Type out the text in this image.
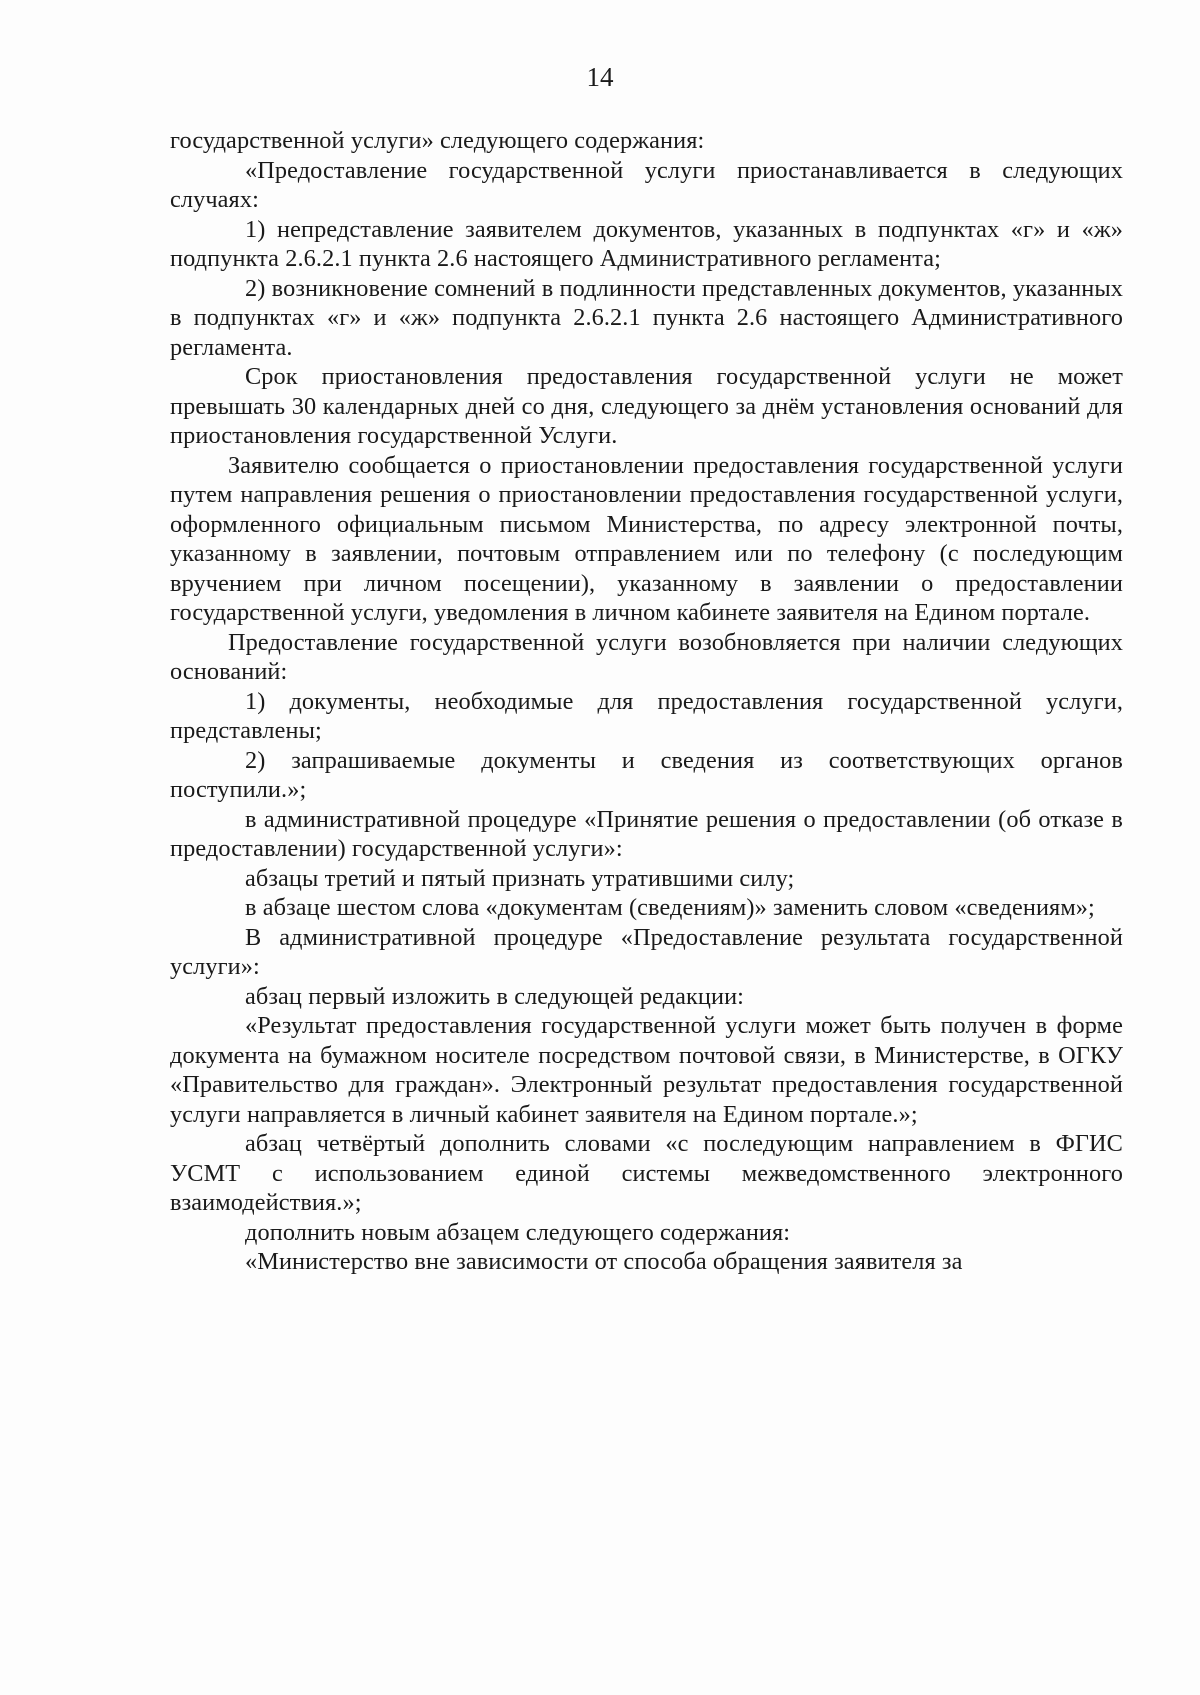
14

государственной услуги» следующего содержания:

«Предоставление государственной услуги приостанавливается в следующих случаях:

1) непредставление заявителем документов, указанных в подпунктах «г» и «ж» подпункта 2.6.2.1 пункта 2.6 настоящего Административного регламента;

2) возникновение сомнений в подлинности представленных документов, указанных в подпунктах «г» и «ж» подпункта 2.6.2.1 пункта 2.6 настоящего Административного регламента.

Срок приостановления предоставления государственной услуги не может превышать 30 календарных дней со дня, следующего за днём установления оснований для приостановления государственной Услуги.

Заявителю сообщается о приостановлении предоставления государственной услуги путем направления решения о приостановлении предоставления государственной услуги, оформленного официальным письмом Министерства, по адресу электронной почты, указанному в заявлении, почтовым отправлением или по телефону (с последующим вручением при личном посещении), указанному в заявлении о предоставлении государственной услуги, уведомления в личном кабинете заявителя на Едином портале.

Предоставление государственной услуги возобновляется при наличии следующих оснований:

1) документы, необходимые для предоставления государственной услуги, представлены;

2) запрашиваемые документы и сведения из соответствующих органов поступили.»;

в административной процедуре «Принятие решения о предоставлении (об отказе в предоставлении) государственной услуги»:

абзацы третий и пятый признать утратившими силу;

в абзаце шестом слова «документам (сведениям)» заменить словом «сведениям»;

В административной процедуре «Предоставление результата государственной услуги»:

абзац первый изложить в следующей редакции:

«Результат предоставления государственной услуги может быть получен в форме документа на бумажном носителе посредством почтовой связи, в Министерстве, в ОГКУ «Правительство для граждан». Электронный результат предоставления государственной услуги направляется в личный кабинет заявителя на Едином портале.»;

абзац четвёртый дополнить словами «с последующим направлением в ФГИС УСМТ с использованием единой системы межведомственного электронного взаимодействия.»;

дополнить новым абзацем следующего содержания:

«Министерство вне зависимости от способа обращения заявителя за
